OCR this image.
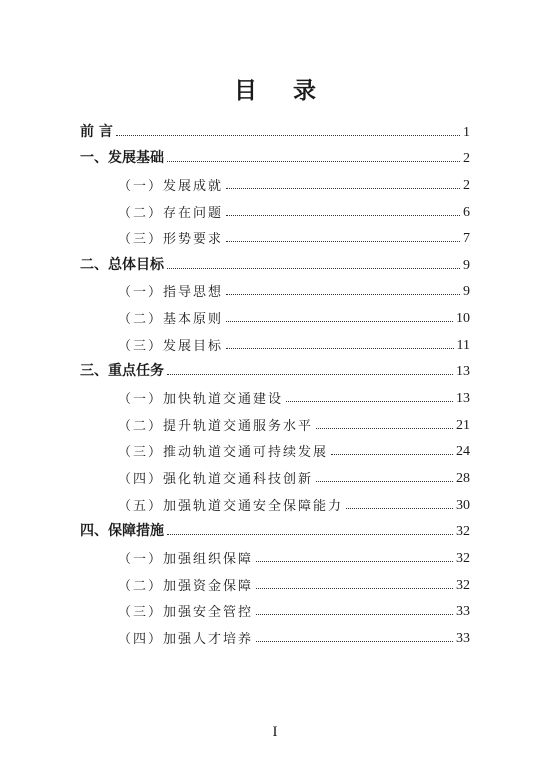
目 录
前 言	1
一、发展基础	2
（一）发展成就	2
（二）存在问题	6
（三）形势要求	7
二、总体目标	9
（一）指导思想	9
（二）基本原则	10
（三）发展目标	11
三、重点任务	13
（一）加快轨道交通建设	13
（二）提升轨道交通服务水平	21
（三）推动轨道交通可持续发展	24
（四）强化轨道交通科技创新	28
（五）加强轨道交通安全保障能力	30
四、保障措施	32
（一）加强组织保障	32
（二）加强资金保障	32
（三）加强安全管控	33
（四）加强人才培养	33
I
